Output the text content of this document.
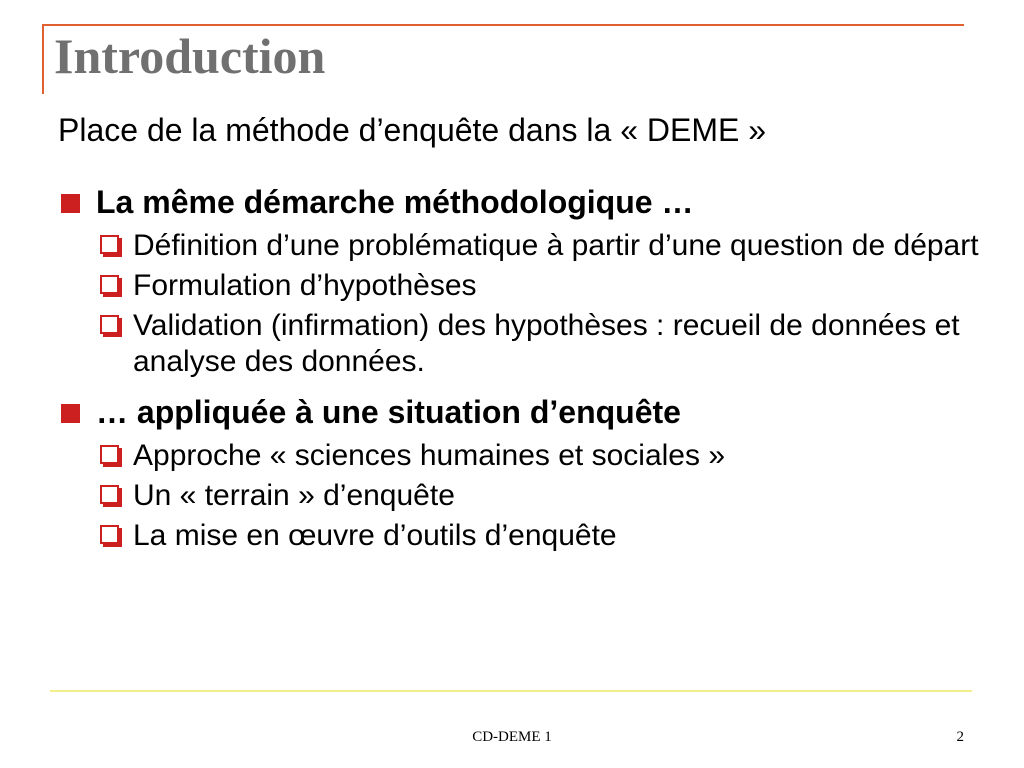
Introduction
Place de la méthode d’enquête dans la « DEME »
La même démarche méthodologique …
Définition d’une problématique à partir d’une question de départ
Formulation d’hypothèses
Validation (infirmation) des hypothèses : recueil de données et analyse des données.
… appliquée à une situation d’enquête
Approche « sciences humaines et sociales »
Un « terrain » d’enquête
La mise en œuvre d’outils d’enquête
CD-DEME 1	2
